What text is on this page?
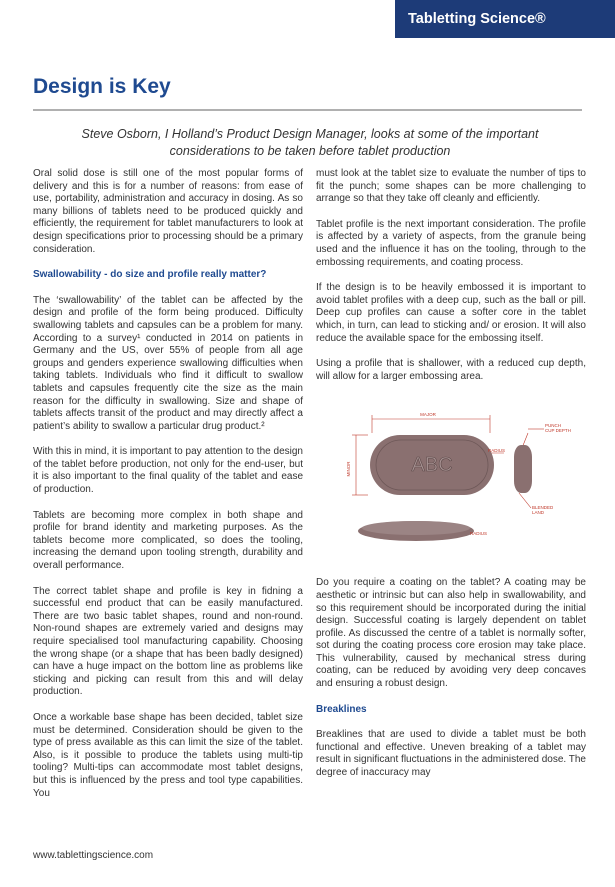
Tabletting Science®
Design is Key

Steve Osborn, I Holland’s Product Design Manager, looks at some of the important considerations to be taken before tablet production

Oral solid dose is still one of the most popular forms of delivery and this is for a number of reasons: from ease of use, portability, administration and accuracy in dosing. As so many billions of tablets need to be produced quickly and efficiently, the requirement for tablet manufacturers to look at design specifications prior to processing should be a primary consideration.

Swallowability - do size and profile really matter?

The ‘swallowability’ of the tablet can be affected by the design and profile of the form being produced. Difficulty swallowing tablets and capsules can be a problem for many. According to a survey¹ conducted in 2014 on patients in Germany and the US, over 55% of people from all age groups and genders experience swallowing difficulties when taking tablets. Individuals who find it difficult to swallow tablets and capsules frequently cite the size as the main reason for the difficulty in swallowing. Size and shape of tablets affects transit of the product and may directly affect a patient’s ability to swallow a particular drug product.²

With this in mind, it is important to pay attention to the design of the tablet before production, not only for the end-user, but it is also important to the final quality of the tablet and ease of production.

Tablets are becoming more complex in both shape and profile for brand identity and marketing purposes. As the tablets become more complicated, so does the tooling, increasing the demand upon tooling strength, durability and overall performance.

The correct tablet shape and profile is key in fidning a successful end product that can be easily manufactured. There are two basic tablet shapes, round and non-round. Non-round shapes are extremely varied and designs may require specialised tool manufacturing capability. Choosing the wrong shape (or a shape that has been badly designed) can have a huge impact on the bottom line as problems like sticking and picking can result from this and will delay production.

Once a workable base shape has been decided, tablet size must be determined. Consideration should be given to the type of press available as this can limit the size of the tablet. Also, is it possible to produce the tablets using multi-tip tooling? Multi-tips can accommodate most tablet designs, but this is influenced by the press and tool type capabilities. You

must look at the tablet size to evaluate the number of tips to fit the punch; some shapes can be more challenging to arrange so that they take off cleanly and efficiently.

Tablet profile is the next important consideration. The profile is affected by a variety of aspects, from the granule being used and the influence it has on the tooling, through to the embossing requirements, and coating process.

If the design is to be heavily embossed it is important to avoid tablet profiles with a deep cup, such as the ball or pill. Deep cup profiles can cause a softer core in the tablet which, in turn, can lead to sticking and/ or erosion. It will also reduce the available space for the embossing itself.

Using a profile that is shallower, with a reduced cup depth, will allow for a larger embossing area.

ABC
MAJOR
MINOR
RADIUS
RADIUS
PUNCH
CUP DEPTH
BLENDED
LAND

Do you require a coating on the tablet? A coating may be aesthetic or intrinsic but can also help in swallowability, and so this requirement should be incorporated during the initial design. Successful coating is largely dependent on tablet profile. As discussed the centre of a tablet is normally softer, sot during the coating process core erosion may take place. This vulnerability, caused by mechanical stress during coating, can be reduced by avoiding very deep concaves and ensuring a robust design.

Breaklines

Breaklines that are used to divide a tablet must be both functional and effective. Uneven breaking of a tablet may result in significant fluctuations in the administered dose. The degree of inaccuracy may

www.tablettingscience.com
